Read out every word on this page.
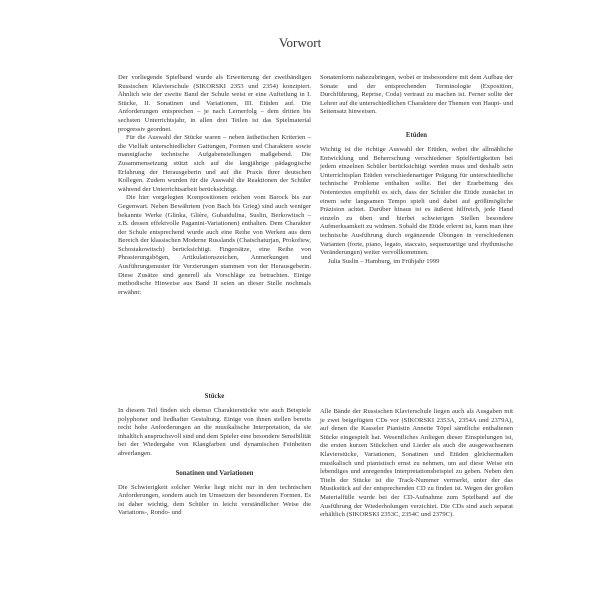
Vorwort

Der vorliegende Spielband wurde als Erweiterung der zweibändigen Russischen Klavierschule (SIKORSKI 2353 und 2354) konzipiert. Ähnlich wie der zweite Band der Schule weist er eine Aufteilung in I. Stücke, II. Sonatinen und Variationen, III. Etüden auf. Die Anforderungen entsprechen – je nach Lernerfolg – dem dritten bis sechsten Unterrichtsjahr, in allen drei Teilen ist das Spielmaterial progressiv geordnet.

Für die Auswahl der Stücke waren – neben ästhetischen Kriterien – die Vielfalt unterschiedlicher Gattungen, Formen und Charaktere sowie mannigfache technische Aufgabenstellungen maßgebend. Die Zusammensetzung stützt sich auf die langjährige pädagogische Erfahrung der Herausgeberin und auf die Praxis ihrer deutschen Kollegen. Zudem wurden für die Auswahl die Reaktionen der Schüler während der Unterrichtsarbeit berücksichtigt.

Die hier vorgelegten Kompositionen reichen vom Barock bis zur Gegenwart. Neben Bewährtem (von Bach bis Grieg) sind auch weniger bekannte Werke (Glinka, Glière, Gubaidulina, Suslin, Berkowitsch – z.B. dessen effektvolle Paganini-Variationen) enthalten. Dem Charakter der Schule entsprechend wurde auch eine Reihe von Werken aus dem Bereich der klassischen Moderne Russlands (Chatschaturjan, Prokofiew, Schostakowitsch) berücksichtigt. Fingersätze, eine Reihe von Phrasierungsbögen, Artikulationszeichen, Anmerkungen und Ausführungsmuster für Verzierungen stammen von der Herausgeberin. Diese Zusätze sind generell als Vorschläge zu betrachten. Einige methodische Hinweise aus Band II seien an dieser Stelle nochmals erwähnt:

Sonatenform nahezubringen, wobei er insbesondere mit dem Aufbau der Sonate und der entsprechenden Terminologie (Exposition, Durchführung, Reprise, Coda) vertraut zu machen ist. Ferner sollte der Lehrer auf die unterschiedlichen Charaktere der Themen von Haupt- und Seitensatz hinweisen.

Etüden

Wichtig ist die richtige Auswahl der Etüden, wobei die allmähliche Entwicklung und Beherrschung verschiedener Spielfertigkeiten bei jedem einzelnen Schüler berücksichtigt werden muss und deshalb sein Unterrichtsplan Etüden verschiedenartiger Prägung für unterschiedliche technische Probleme enthalten sollte. Bei der Erarbeitung des Notentextes empfiehlt es sich, dass der Schüler die Etüde zunächst in einem sehr langsamen Tempo spielt und dabei auf größtmögliche Präzision achtet. Darüber hinaus ist es äußerst hilfreich, jede Hand einzeln zu üben und hierbei schwierigen Stellen besondere Aufmerksamkeit zu widmen. Sobald die Etüde erlernt ist, kann man ihre technische Ausführung durch ergänzende Übungen in verschiedenen Varianten (forte, piano, legato, staccato, sequenzartige und rhythmische Veränderungen) weiter vervollkommnen.

Julia Suslin – Hamburg, im Frühjahr 1999

Stücke

In diesem Teil finden sich ebenso Charakterstücke wie auch Beispiele polyphoner und liedhafter Gestaltung. Einige von ihnen stellen bereits recht hohe Anforderungen an die musikalische Interpretation, da sie inhaltlich anspruchsvoll sind und dem Spieler eine besondere Sensibilität bei der Wiedergabe von Klangfarben und dynamischen Feinheiten abverlangen.

Sonatinen und Variationen

Die Schwierigkeit solcher Werke liegt nicht nur in den technischen Anforderungen, sondern auch im Umsetzen der besonderen Formen. Es ist daher wichtig, dem Schüler in leicht verständlicher Weise die Variations-, Rondo- und

Alle Bände der Russischen Klavierschule liegen auch als Ausgaben mit je zwei beigefügten CDs vor (SIKORSKI 2353A, 2354A und 2379A), auf denen die Kasseler Pianistin Annette Töpel sämtliche enthaltenen Stücke eingespielt hat. Wesentliches Anliegen dieser Einspielungen ist, die ersten kurzen Stückchen und Lieder als auch die ausgewachsenen Klavierstücke, Variationen, Sonatinen und Etüden gleichermaßen musikalisch und pianistisch ernst zu nehmen, um auf diese Weise ein lebendiges und anregendes Interpretationsbeispiel zu geben. Neben den Titeln der Stücke ist die Track-Nummer vermerkt, unter der das Musikstück auf der entsprechenden CD zu finden ist. Wegen der großen Materialfülle wurde bei der CD-Aufnahme zum Spielband auf die Ausführung der Wiederholungen verzichtet. Die CDs sind auch separat erhältlich (SIKORSKI 2353C, 2354C und 2379C).
